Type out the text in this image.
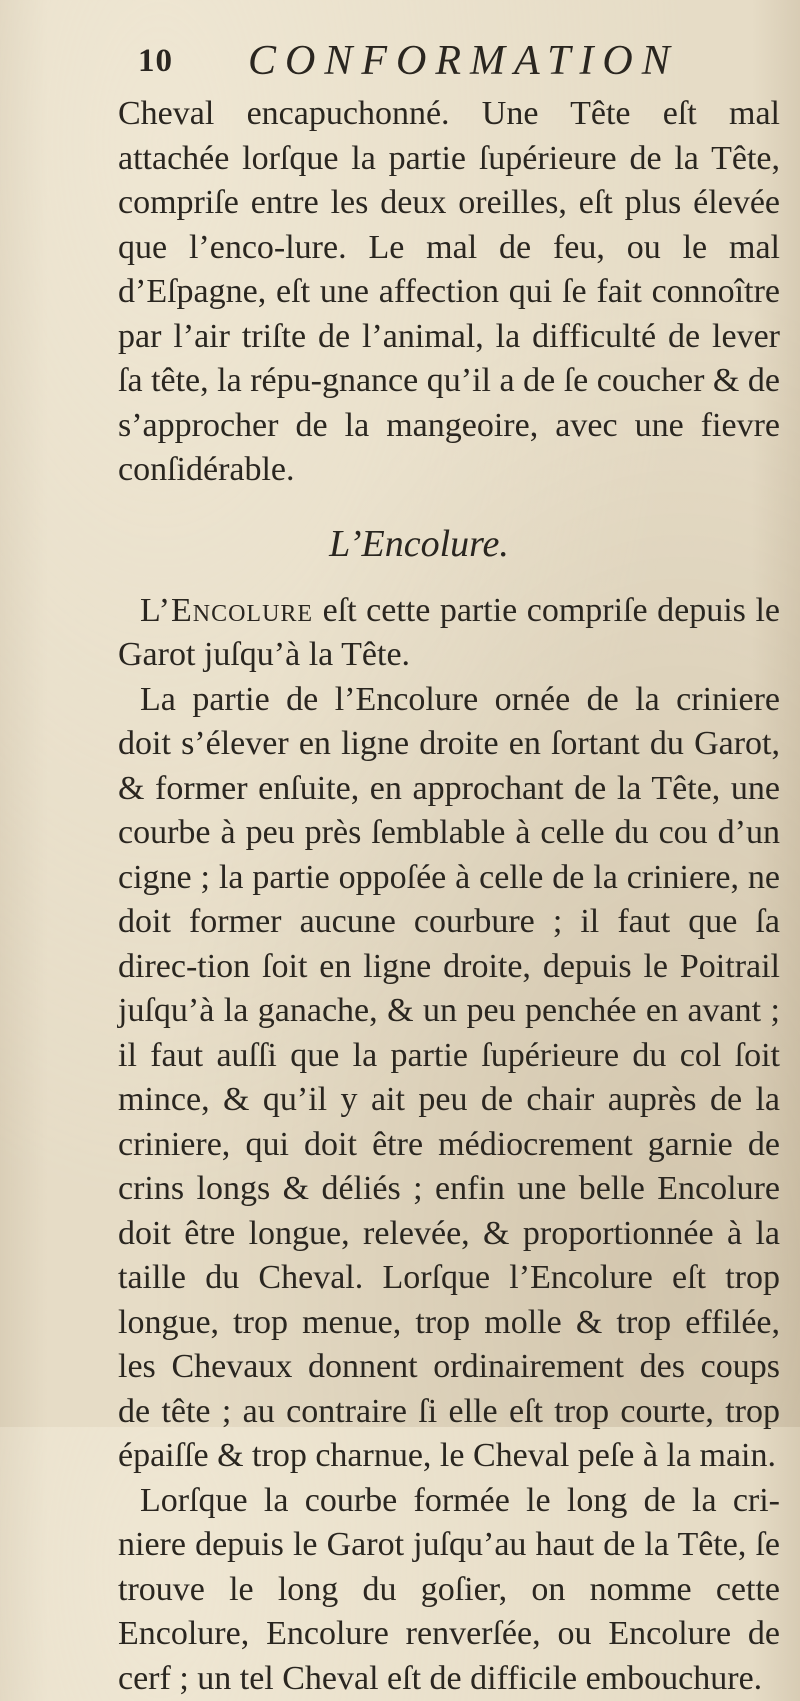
10	CONFORMATION

Cheval encapuchonné. Une Tête eſt mal attachée lorſque la partie ſupérieure de la Tête, compriſe entre les deux oreilles, eſt plus élevée que l’enco-lure. Le mal de feu, ou le mal d’Eſpagne, eſt une affection qui ſe fait connoître par l’air triſte de l’animal, la difficulté de lever ſa tête, la répu-gnance qu’il a de ſe coucher & de s’approcher de la mangeoire, avec une fievre conſidérable.

L’Encolure.

L’Encolure eſt cette partie compriſe depuis le Garot juſqu’à la Tête.

La partie de l’Encolure ornée de la criniere doit s’élever en ligne droite en ſortant du Garot, & former enſuite, en approchant de la Tête, une courbe à peu près ſemblable à celle du cou d’un cigne ; la partie oppoſée à celle de la criniere, ne doit former aucune courbure ; il faut que ſa direc-tion ſoit en ligne droite, depuis le Poitrail juſqu’à la ganache, & un peu penchée en avant ; il faut auſſi que la partie ſupérieure du col ſoit mince, & qu’il y ait peu de chair auprès de la criniere, qui doit être médiocrement garnie de crins longs & déliés ; enfin une belle Encolure doit être longue, relevée, & proportionnée à la taille du Cheval. Lorſque l’Encolure eſt trop longue, trop menue, trop molle & trop effilée, les Chevaux donnent ordinairement des coups de tête ; au contraire ſi elle eſt trop courte, trop épaiſſe & trop charnue, le Cheval peſe à la main.

Lorſque la courbe formée le long de la cri-niere depuis le Garot juſqu’au haut de la Tête, ſe trouve le long du goſier, on nomme cette Encolure, Encolure renverſée, ou Encolure de cerf ; un tel Cheval eſt de difficile embouchure.
